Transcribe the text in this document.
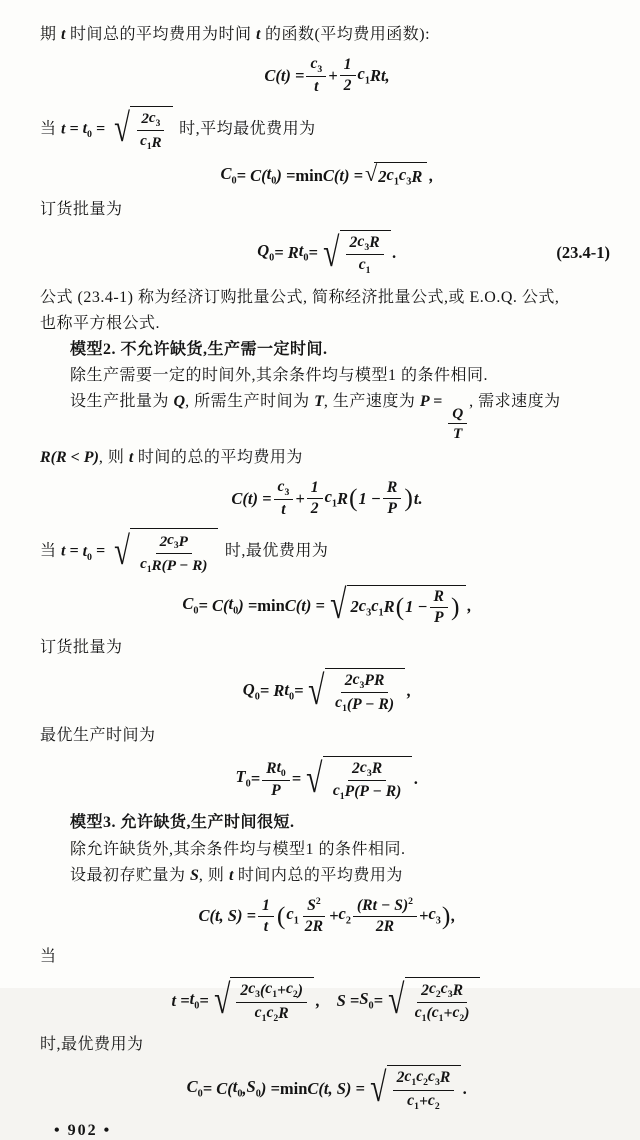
期 t 时间总的平均费用为时间 t 的函数(平均费用函数):
$C(t) = \frac{c_3}{t} + \frac{1}{2} c_1$ Rt,
当 $t = t_0$ = √ $\frac{2 c_3}{c_1 R}$ 时,平均最优费用为
$C_0 = C$( $t_0$ ) = min C(t) = √ 2 $c_1$ $c_3$ R ,
订货批量为
$Q_0 = R$ $t_0$ = √ $\frac{2 c_3 R}{c_1}$ .	(23.4-1)
公式 (23.4-1) 称为经济订购批量公式, 简称经济批量公式,或 E.O.Q. 公式,
也称平方根公式.
模型2. 不允许缺货,生产需一定时间.
除生产需要一定的时间外,其余条件均与模型1 的条件相同.
设生产批量为 Q, 所需生产时间为 T, 生产速度为 P =
$\frac{Q}{T}$
, 需求速度为
R(R < P), 则 t 时间的总的平均费用为
$C(t) = \frac{c_3}{t} + \frac{1}{2} c_1$ R ( $1 - \frac{R}{P}$ ) t.
当 $t = t_0$ = √ $\frac{2 c_3 P}{c_1 R(P - R)}$ 时,最优费用为
$C_0 = C$( $t_0$ ) = min C(t) = √ 2 $c_3$ $c_1$ R ( $1 - \frac{R}{P}$ ) ,
订货批量为
$Q_0 = R$ $t_0$ = √ $\frac{2 c_3 PR}{c_1 (P - R)}$ ,
最优生产时间为
$T_0 = \frac{R t_0}{P}$ = √ $\frac{2 c_3 R}{c_1 P(P - R)}$ .
模型3. 允许缺货,生产时间很短.
除允许缺货外,其余条件均与模型1 的条件相同.
设最初存贮量为 S, 则 t 时间内总的平均费用为
C(t, $S) = \frac{1}{t}$ ( $c_1 \frac{S^2}{2R} + c_2 \frac{(Rt - S)^2}{2R} + c_3$ ) ,
当
$t = t_0$ = √ $\frac{2 c_3 ( c_1 + c_2 )}{c_1 c_2 R}$ ,  $S = S_0$ = √ $\frac{2 c_2 c_3 R}{c_1 ( c_1 + c_2 )}$
时,最优费用为
$C_0 = C$( $t_0$ , $S_0$ ) = min C(t, S) = √ $\frac{2 c_1 c_2 c_3 R}{c_1 + c_2}$ .
• 902 •
